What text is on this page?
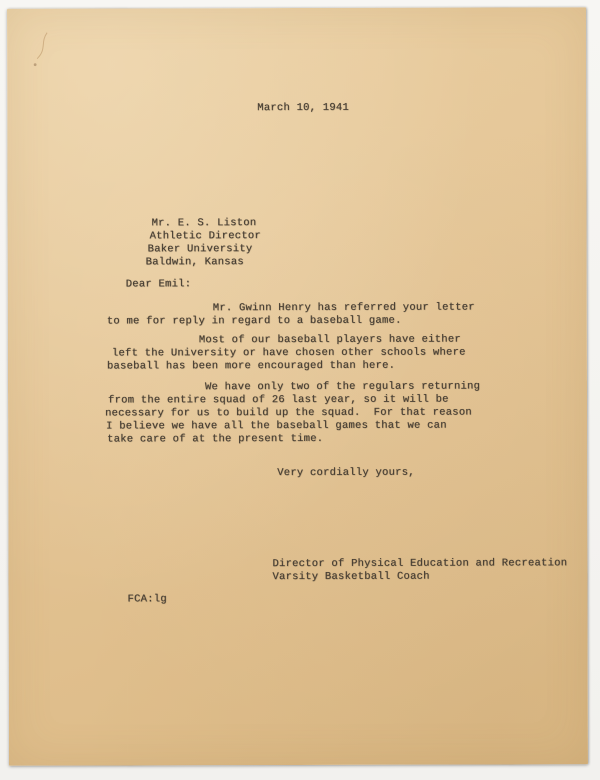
March 10, 1941
Mr. E. S. Liston
Athletic Director
Baker University
Baldwin, Kansas
Dear Emil:
Mr. Gwinn Henry has referred your letter
to me for reply in regard to a baseball game.
Most of our baseball players have either
left the University or have chosen other schools where
baseball has been more encouraged than here.
We have only two of the regulars returning
from the entire squad of 26 last year, so it will be
necessary for us to build up the squad.  For that reason
I believe we have all the baseball games that we can
take care of at the present time.
Very cordially yours,
Director of Physical Education and Recreation
Varsity Basketball Coach
FCA:lg
